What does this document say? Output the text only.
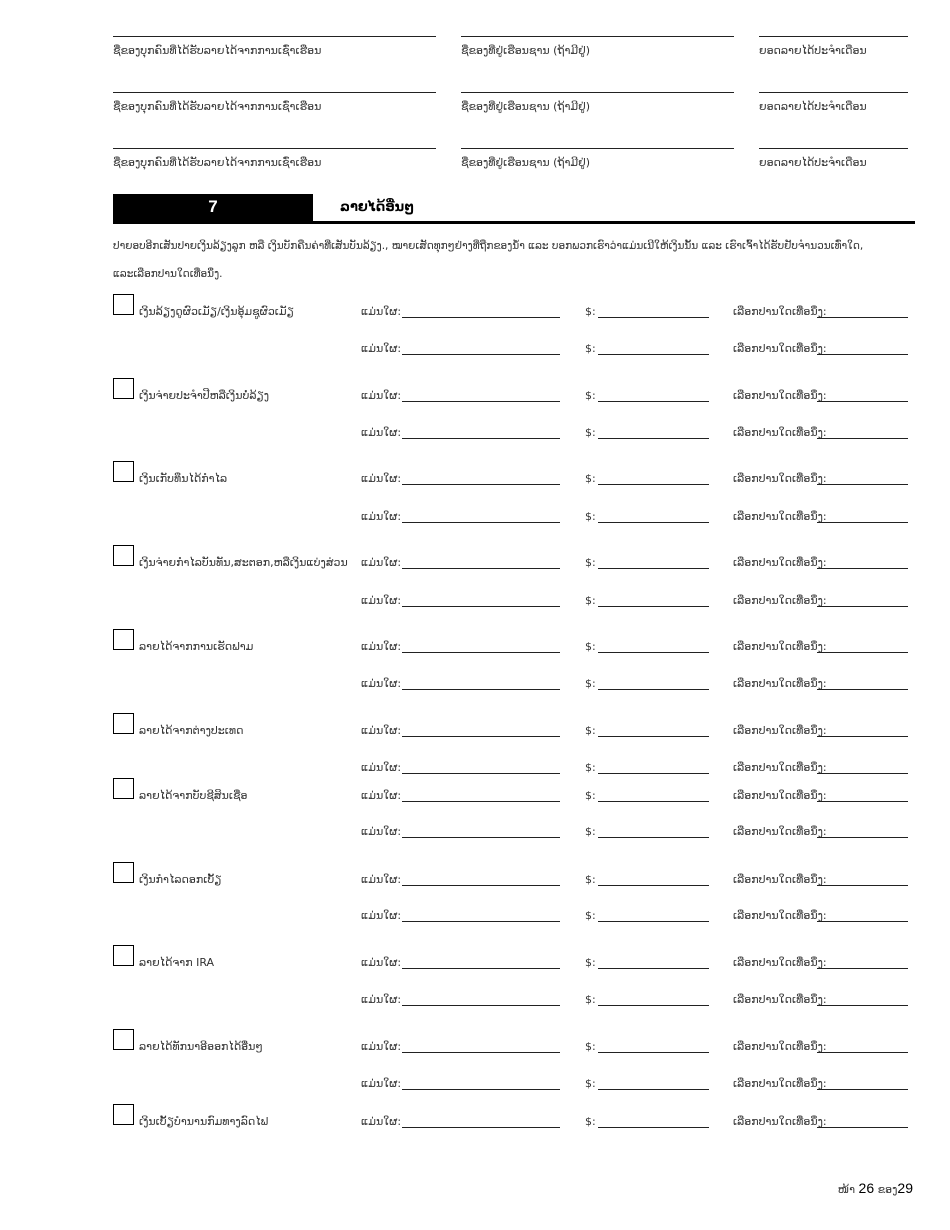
ຊື່ຂອງບຸກຄົນທີ່ໄດ້ຮັບລາຍໄດ້ຈາກການເຊົ່າເຮືອນ	ຊື່ຂອງທີ່ຢູ່ເຮືອນຊານ (ຖ້າມີຢູ່)	ຍອດລາຍໄດ້ປະຈຳເດືອນ
ຊື່ຂອງບຸກຄົນທີ່ໄດ້ຮັບລາຍໄດ້ຈາກການເຊົ່າເຮືອນ	ຊື່ຂອງທີ່ຢູ່ເຮືອນຊານ (ຖ້າມີຢູ່)	ຍອດລາຍໄດ້ປະຈຳເດືອນ
ຊື່ຂອງບຸກຄົນທີ່ໄດ້ຮັບລາຍໄດ້ຈາກການເຊົ່າເຮືອນ	ຊື່ຂອງທີ່ຢູ່ເຮືອນຊານ (ຖ້າມີຢູ່)	ຍອດລາຍໄດ້ປະຈຳເດືອນ
7	ລາຍໄດ້ອື່ນໆ
ປາຍອບອີກເສັນປາຍເງິນລ້ຽງລູກ ຫລື ເງິນບັກຄືນຄ່າທີ່ເສັນບັນລ້ຽງ., ໝາຍເສັດທຸກໆຢ່າງທີ່ຖືກຂອງນ້ຳ ແລະ ບອກພວກເຮົາວ່າແມ່ນເນີໃຫ້ເງິນນັ້ນ ແລະ ເຮົາເຈົ້າໄດ້ຮັບຢັບຈຳນວນເທົ່າໃດ,
ແລະເລືອກປານໃດເທື່ອນຶ່ງ.
ເງິນລ້ຽງດູຜົວເມັຽ/ເງິນອຸ້ມຊູຜົວເມັຽ	ແມ່ນໃຜ:	$:	ເລືອກປານໃດເທື່ອນຶ່ງ:
ແມ່ນໃຜ:	$:	ເລືອກປານໃດເທື່ອນຶ່ງ:
ເງິນຈ່າຍປະຈຳປີຫລືເງິນບໍ່ລ້ຽງ	ແມ່ນໃຜ:	$:	ເລືອກປານໃດເທື່ອນຶ່ງ:
ແມ່ນໃຜ:	$:	ເລືອກປານໃດເທື່ອນຶ່ງ:
ເງິນເກັບທຶນໄດ້ກຳໄລ	ແມ່ນໃຜ:	$:	ເລືອກປານໃດເທື່ອນຶ່ງ:
ແມ່ນໃຜ:	$:	ເລືອກປານໃດເທື່ອນຶ່ງ:
ເງິນຈ່າຍກຳໄລບັນທັນ,ສະຕອກ,ຫລືເງິນແບ່ງສ່ວນ ແມ່ນໃຜ:	$:	ເລືອກປານໃດເທື່ອນຶ່ງ:
ແມ່ນໃຜ:	$:	ເລືອກປານໃດເທື່ອນຶ່ງ:
ລາຍໄດ້ຈາກການເຮັດຟາມ	ແມ່ນໃຜ:	$:	ເລືອກປານໃດເທື່ອນຶ່ງ:
ແມ່ນໃຜ:	$:	ເລືອກປານໃດເທື່ອນຶ່ງ:
ລາຍໄດ້ຈາກຕ່າງປະເທດ	ແມ່ນໃຜ:	$:	ເລືອກປານໃດເທື່ອນຶ່ງ:
ແມ່ນໃຜ:	$:	ເລືອກປານໃດເທື່ອນຶ່ງ:
ລາຍໄດ້ຈາກບັບຊີສິນເຊື່ອ	ແມ່ນໃຜ:	$:	ເລືອກປານໃດເທື່ອນຶ່ງ:
ແມ່ນໃຜ:	$:	ເລືອກປານໃດເທື່ອນຶ່ງ:
ເງິນກຳໄລດອກເບັ້ຽ	ແມ່ນໃຜ:	$:	ເລືອກປານໃດເທື່ອນຶ່ງ:
ແມ່ນໃຜ:	$:	ເລືອກປານໃດເທື່ອນຶ່ງ:
ລາຍໄດ້ຈາກ IRA	ແມ່ນໃຜ:	$:	ເລືອກປານໃດເທື່ອນຶ່ງ:
ແມ່ນໃຜ:	$:	ເລືອກປານໃດເທື່ອນຶ່ງ:
ລາຍໄດ້ທັກນາອີອອກໄດ້ອື່ນໆ	ແມ່ນໃຜ:	$:	ເລືອກປານໃດເທື່ອນຶ່ງ:
ແມ່ນໃຜ:	$:	ເລືອກປານໃດເທື່ອນຶ່ງ:
ເງິນເບັ້ຽບຳນານກົມທາງລົດໄຟ	ແມ່ນໃຜ:	$:	ເລືອກປານໃດເທື່ອນຶ່ງ:
ໜ້າ 26 ຂອງ29
